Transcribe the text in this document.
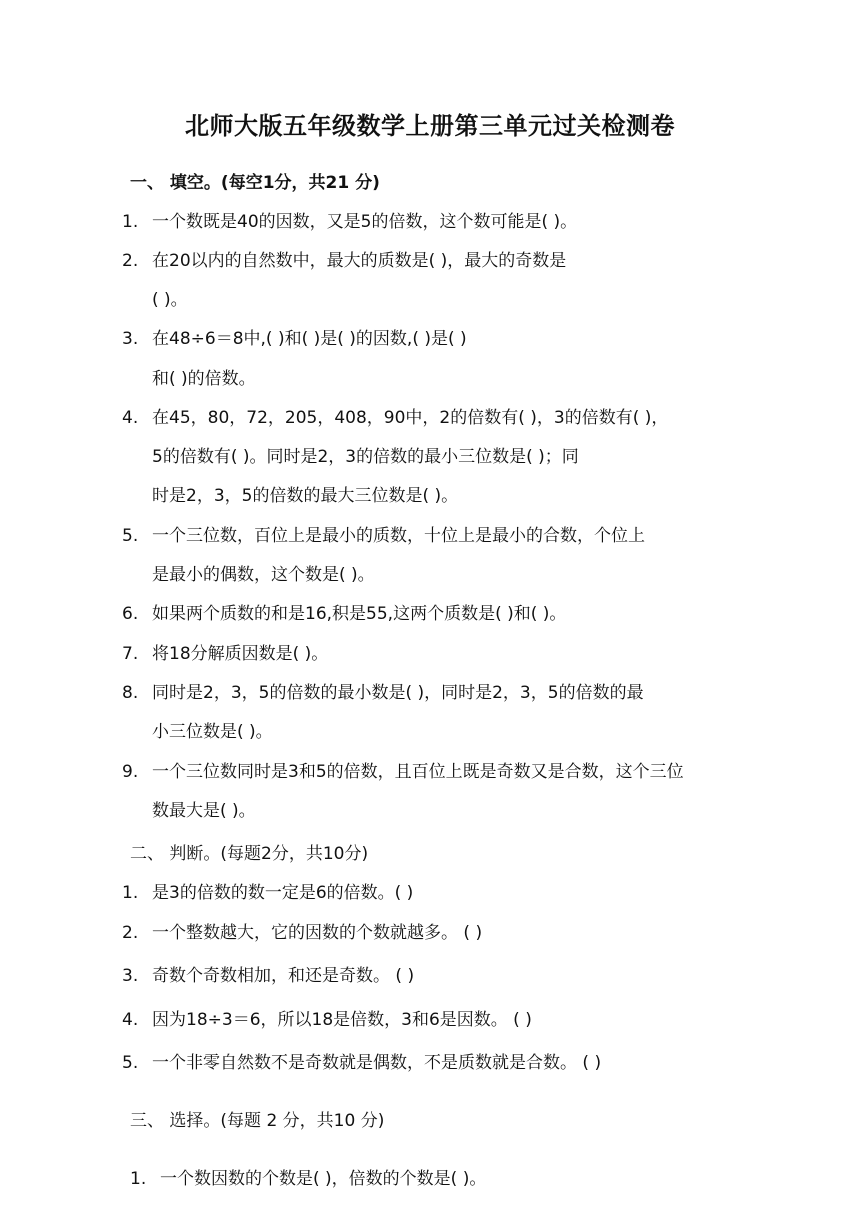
北师大版五年级数学上册第三单元过关检测卷
一、 填空。(每空1分，共21 分)
1. 一个数既是40的因数，又是5的倍数，这个数可能是( )。
2. 在20以内的自然数中，最大的质数是( )，最大的奇数是
( )。
3. 在48÷6＝8中,( )和( )是( )的因数,( )是( )
和( )的倍数。
4. 在45，80，72，205，408，90中，2的倍数有( )，3的倍数有( )，
5的倍数有( )。同时是2，3的倍数的最小三位数是( )；同
时是2，3，5的倍数的最大三位数是( )。
5. 一个三位数，百位上是最小的质数，十位上是最小的合数，个位上
是最小的偶数，这个数是( )。
6. 如果两个质数的和是16,积是55,这两个质数是( )和( )。
7. 将18分解质因数是( )。
8. 同时是2，3，5的倍数的最小数是( )，同时是2，3，5的倍数的最
小三位数是( )。
9. 一个三位数同时是3和5的倍数，且百位上既是奇数又是合数，这个三位
数最大是( )。
二、 判断。(每题2分，共10分)
1. 是3的倍数的数一定是6的倍数。( )
2. 一个整数越大，它的因数的个数就越多。 ( )
3. 奇数个奇数相加，和还是奇数。 ( )
4. 因为18÷3＝6，所以18是倍数，3和6是因数。 ( )
5. 一个非零自然数不是奇数就是偶数，不是质数就是合数。 ( )
三、 选择。(每题 2 分，共10 分)
1. 一个数因数的个数是( )，倍数的个数是( )。
